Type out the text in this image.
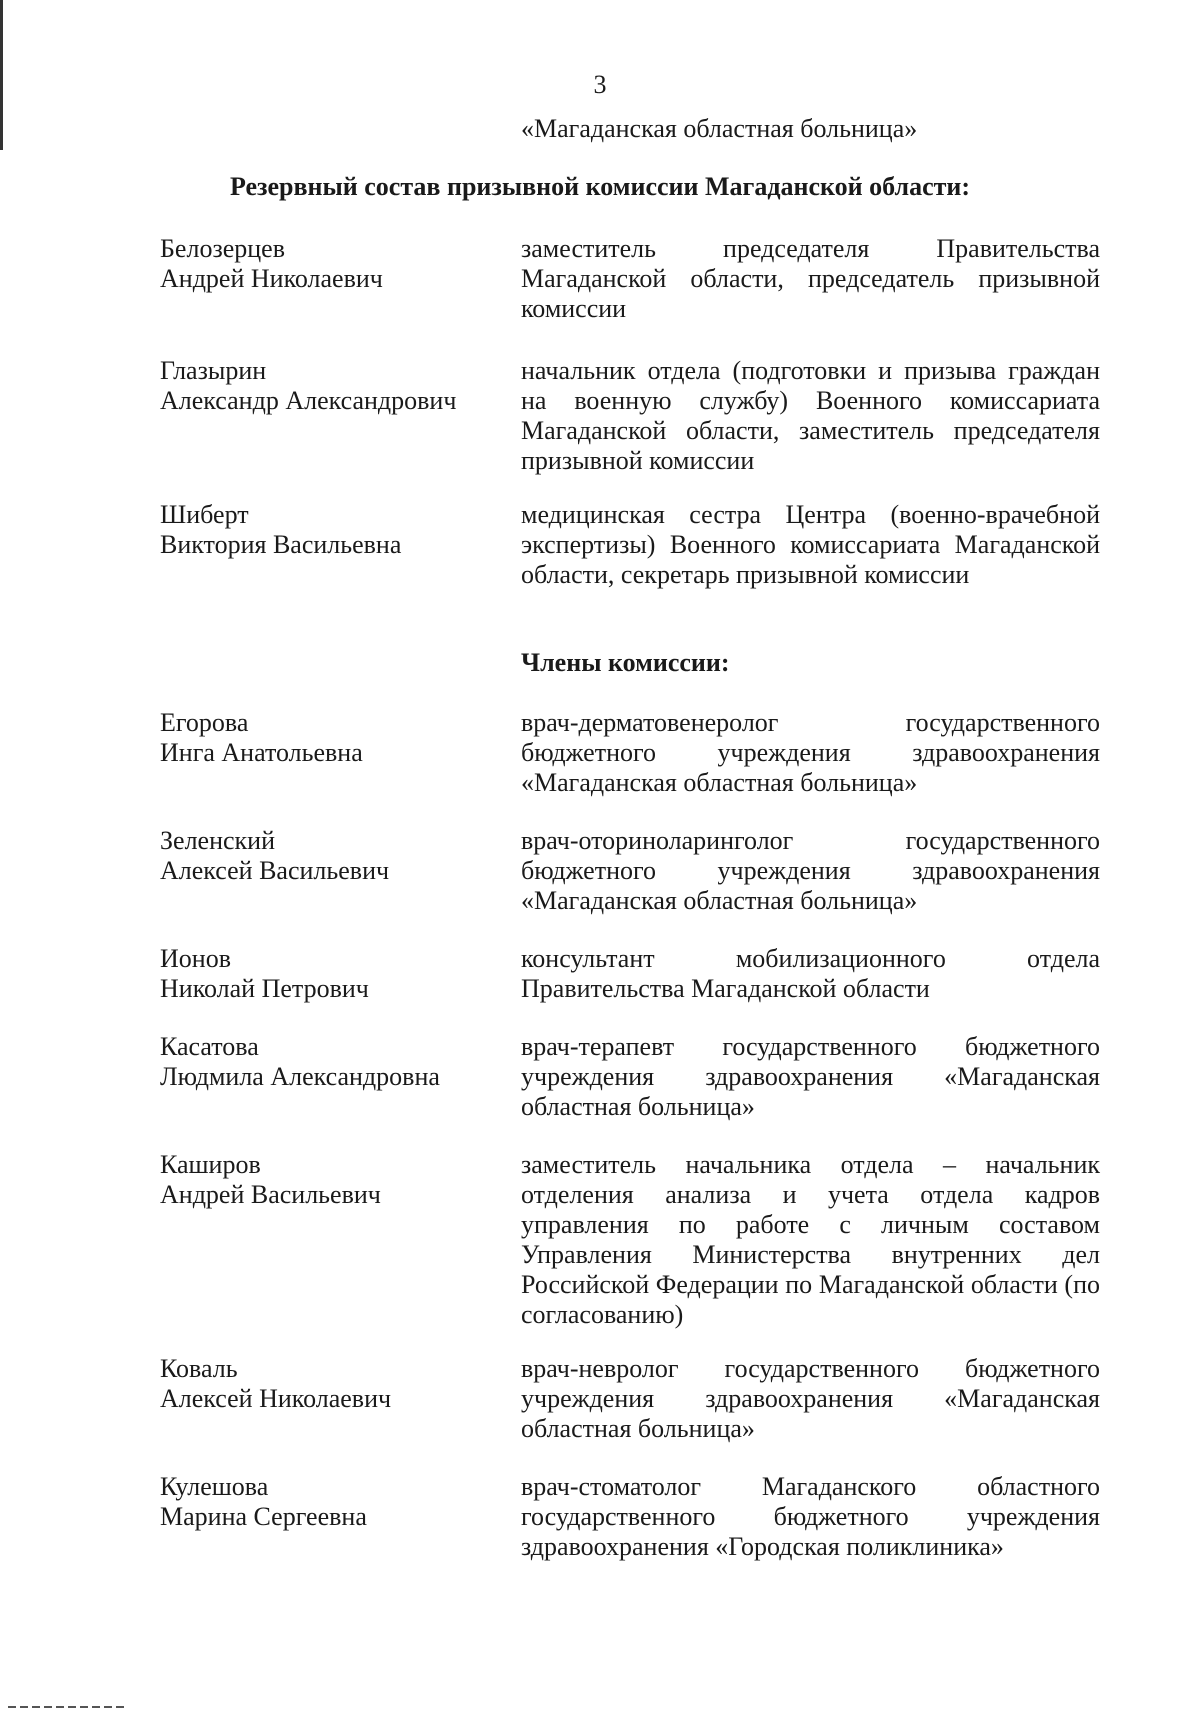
3
«Магаданская областная больница»
Резервный состав призывной комиссии Магаданской области:
Белозерцев
Андрей Николаевич
заместитель председателя Правительства Магаданской области, председатель призывной комиссии
Глазырин
Александр Александрович
начальник отдела (подготовки и призыва граждан на военную службу) Военного комиссариата Магаданской области, заместитель председателя призывной комиссии
Шиберт
Виктория Васильевна
медицинская сестра Центра (военно-врачебной экспертизы) Военного комиссариата Магаданской области, секретарь призывной комиссии
Члены комиссии:
Егорова
Инга Анатольевна
врач-дерматовенеролог государственного бюджетного учреждения здравоохранения «Магаданская областная больница»
Зеленский
Алексей Васильевич
врач-оториноларинголог государственного бюджетного учреждения здравоохранения «Магаданская областная больница»
Ионов
Николай Петрович
консультант мобилизационного отдела Правительства Магаданской области
Касатова
Людмила Александровна
врач-терапевт государственного бюджетного учреждения здравоохранения «Магаданская областная больница»
Каширов
Андрей Васильевич
заместитель начальника отдела – начальник отделения анализа и учета отдела кадров управления по работе с личным составом Управления Министерства внутренних дел Российской Федерации по Магаданской области (по согласованию)
Коваль
Алексей Николаевич
врач-невролог государственного бюджетного учреждения здравоохранения «Магаданская областная больница»
Кулешова
Марина Сергеевна
врач-стоматолог Магаданского областного государственного бюджетного учреждения здравоохранения «Городская поликлиника»
